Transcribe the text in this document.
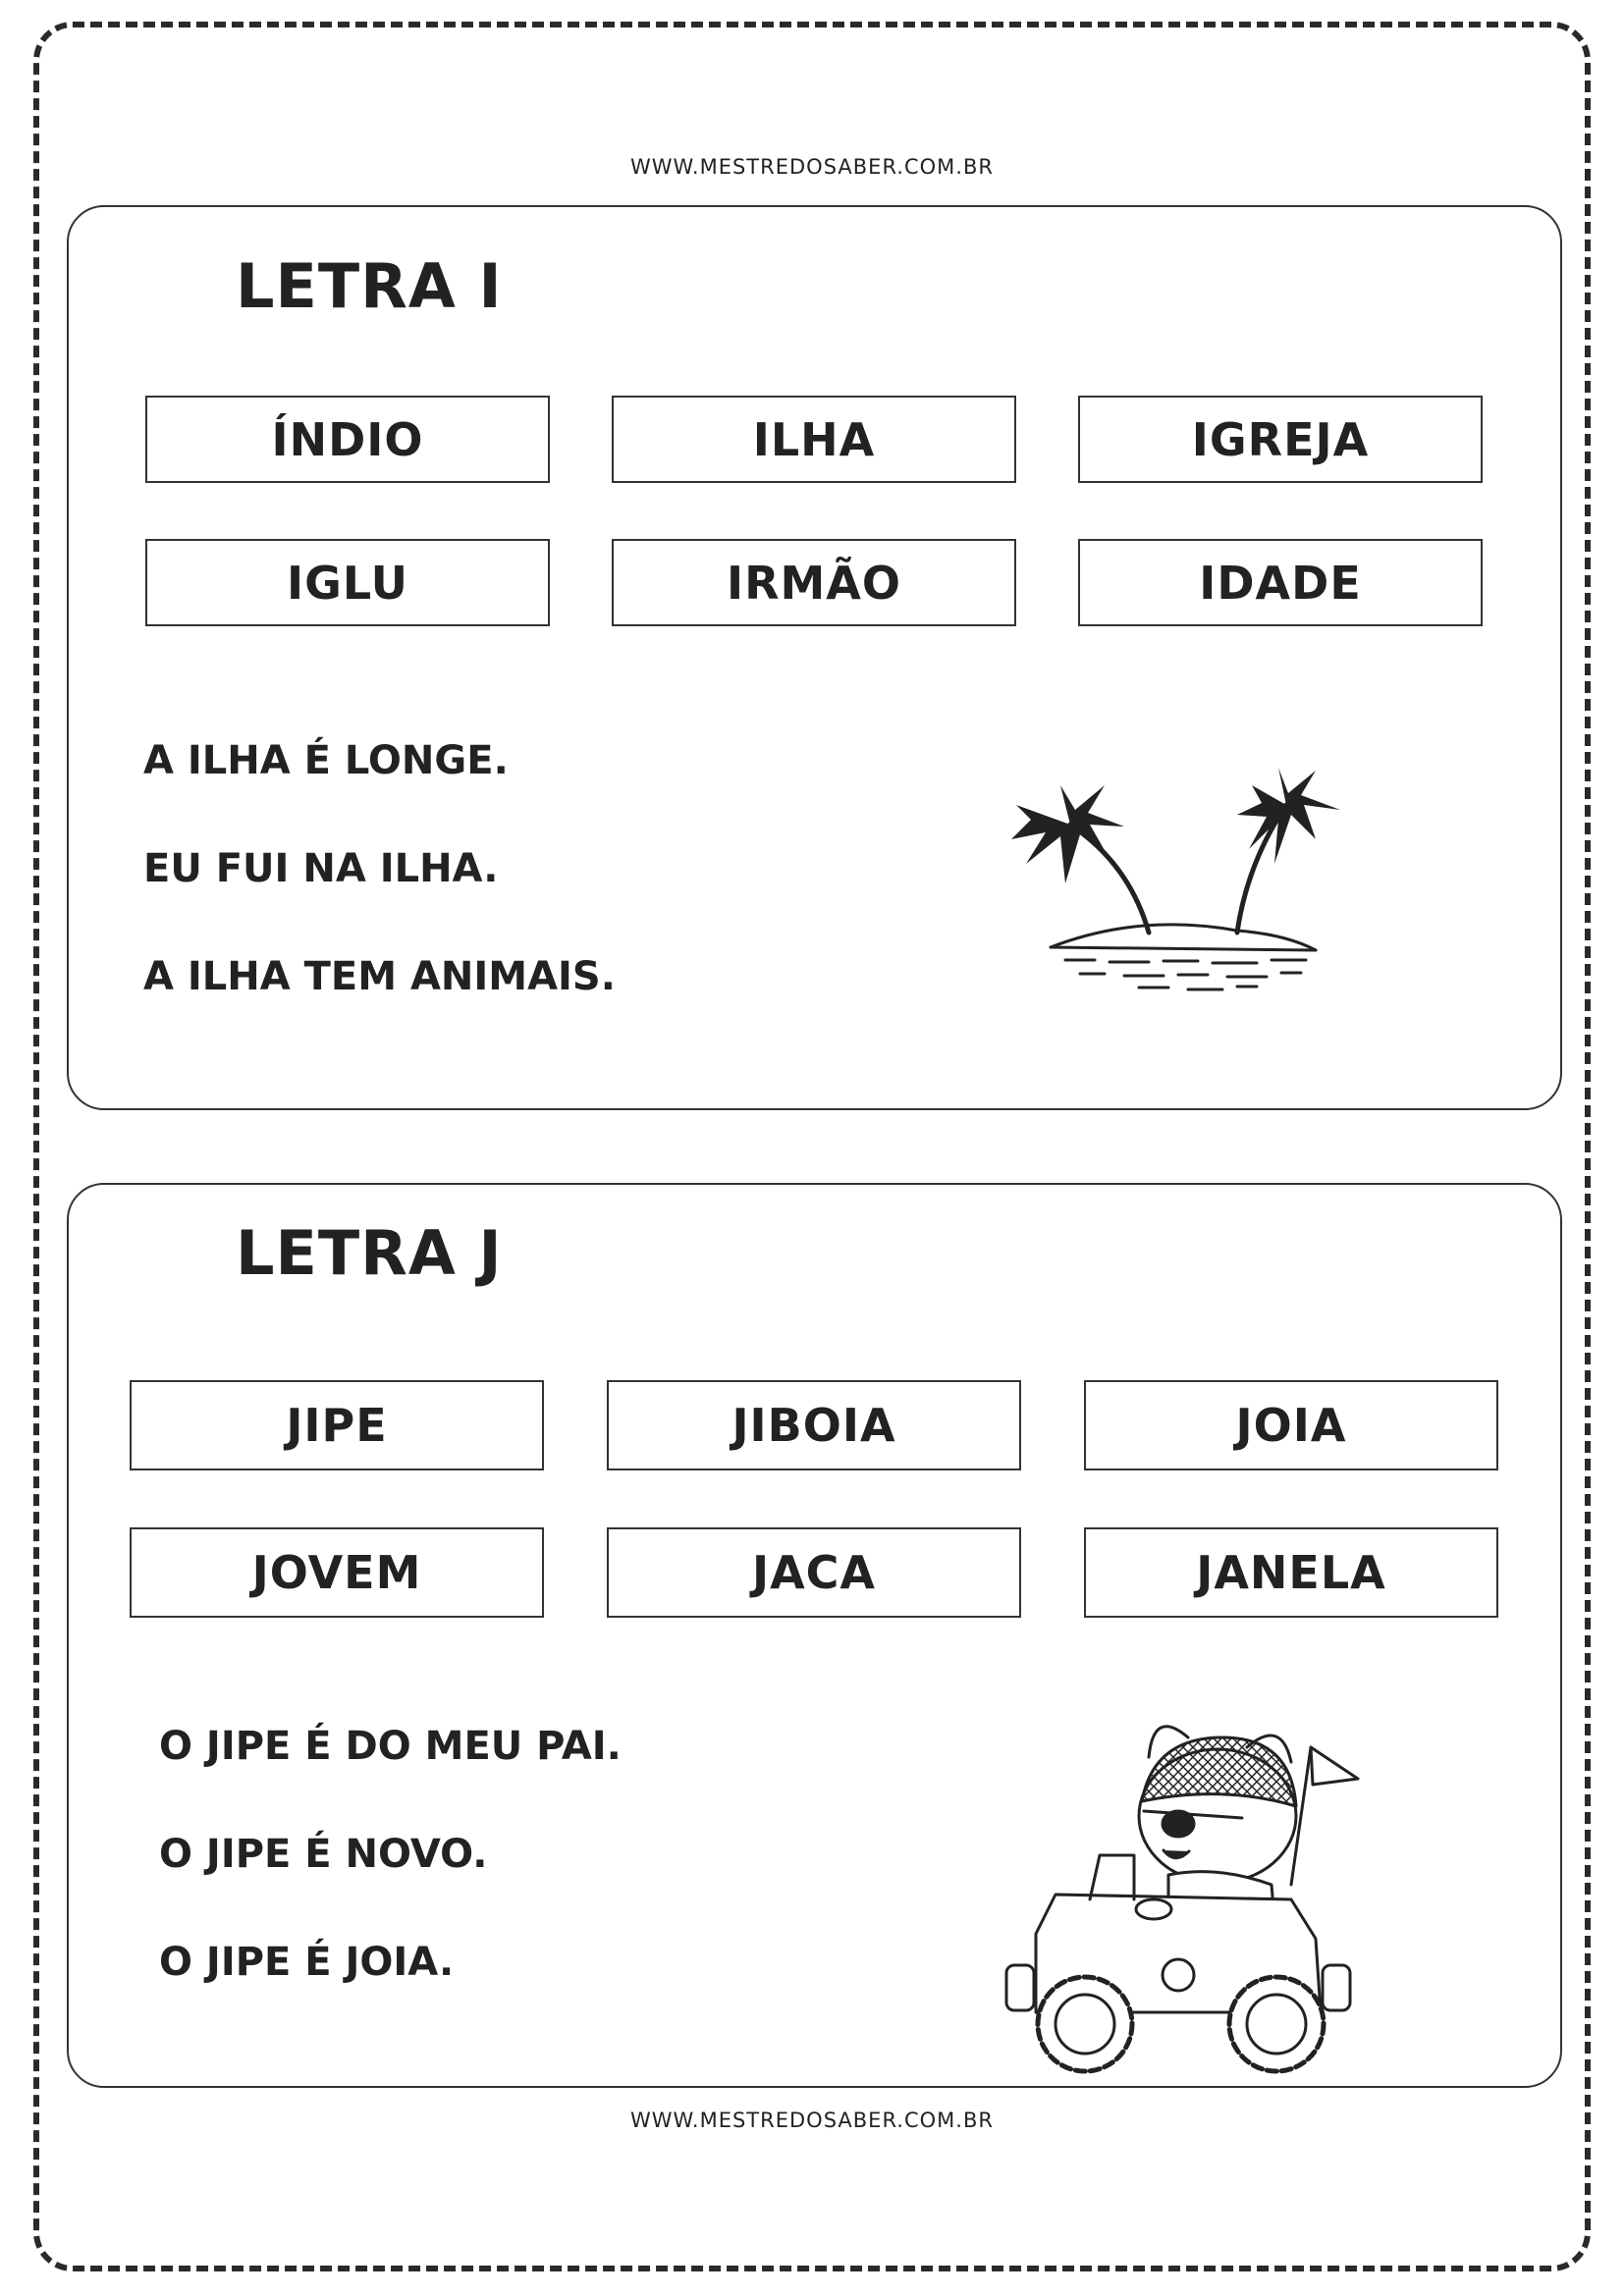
WWW.MESTREDOSABER.COM.BR
LETRA I
ÍNDIO	ILHA	IGREJA
IGLU	IRMÃO	IDADE
A ILHA É LONGE.
EU FUI NA ILHA.
A ILHA TEM ANIMAIS.
LETRA J
JIPE	JIBOIA	JOIA
JOVEM	JACA	JANELA
O JIPE É DO MEU PAI.
O JIPE É NOVO.
O JIPE É JOIA.
WWW.MESTREDOSABER.COM.BR
